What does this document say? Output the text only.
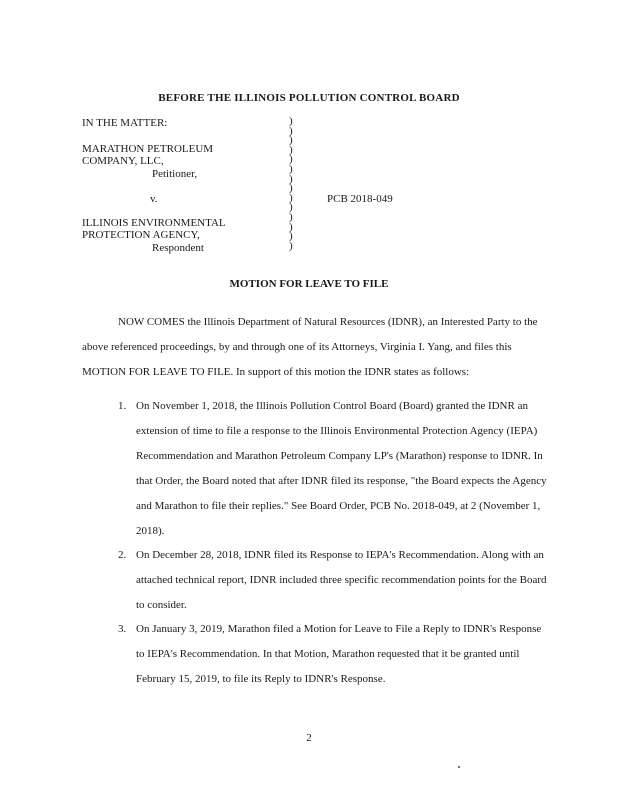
BEFORE THE ILLINOIS POLLUTION CONTROL BOARD
IN THE MATTER:
MARATHON PETROLEUM
COMPANY, LLC,
Petitioner,
v.
ILLINOIS ENVIRONMENTAL
PROTECTION AGENCY,
Respondent
)
)
)
)
)
)
)
)
)
)
)
)
)
)
PCB 2018-049
MOTION FOR LEAVE TO FILE
NOW COMES the Illinois Department of Natural Resources (IDNR), an Interested Party to the
above referenced proceedings, by and through one of its Attorneys, Virginia I. Yang, and files this
MOTION FOR LEAVE TO FILE. In support of this motion the IDNR states as follows:
1. On November 1, 2018, the Illinois Pollution Control Board (Board) granted the IDNR an
extension of time to file a response to the Illinois Environmental Protection Agency (IEPA)
Recommendation and Marathon Petroleum Company LP's (Marathon) response to IDNR. In
that Order, the Board noted that after IDNR filed its response, "the Board expects the Agency
and Marathon to file their replies." See Board Order, PCB No. 2018-049, at 2 (November 1,
2018).
2. On December 28, 2018, IDNR filed its Response to IEPA's Recommendation. Along with an
attached technical report, IDNR included three specific recommendation points for the Board
to consider.
3. On January 3, 2019, Marathon filed a Motion for Leave to File a Reply to IDNR's Response
to IEPA's Recommendation. In that Motion, Marathon requested that it be granted until
February 15, 2019, to file its Reply to IDNR's Response.
2
